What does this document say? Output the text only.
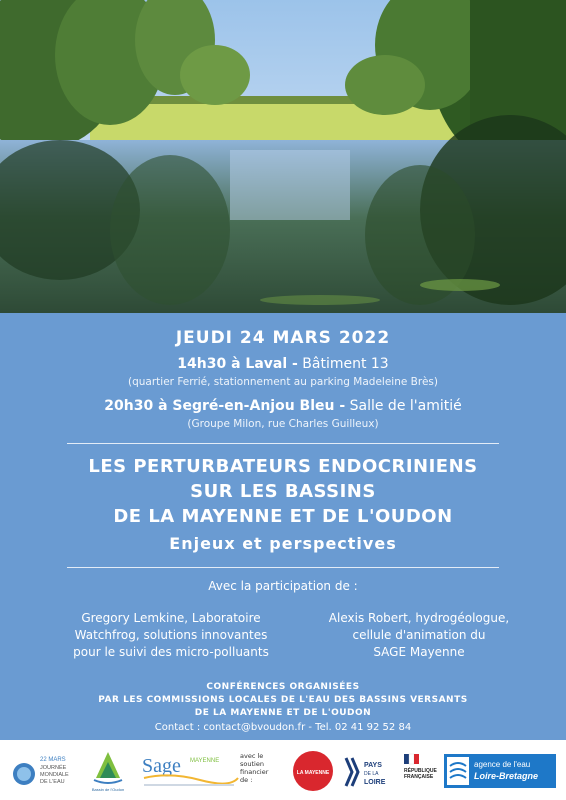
JEUDI 24 MARS 2022
14h30 à Laval - Bâtiment 13
(quartier Ferrié, stationnement au parking Madeleine Brès)
20h30 à Segré-en-Anjou Bleu - Salle de l'amitié
(Groupe Milon, rue Charles Guilleux)
LES PERTURBATEURS ENDOCRINIENS
SUR LES BASSINS
DE LA MAYENNE ET DE L'OUDON
Enjeux et perspectives
Avec la participation de :
Gregory Lemkine, Laboratoire
Watchfrog, solutions innovantes
pour le suivi des micro-polluants
Alexis Robert, hydrogéologue,
cellule d'animation du
SAGE Mayenne
CONFÉRENCES ORGANISÉES
PAR LES COMMISSIONS LOCALES DE L'EAU DES BASSINS VERSANTS
DE LA MAYENNE ET DE L'OUDON
Contact : contact@bvoudon.fr - Tel. 02 41 92 52 84
22 MARS
JOURNÉE
MONDIALE
DE L'EAU
Bassin de l'Oudon
Sage MAYENNE
avec le
soutien financier
de :
LA MAYENNE
PAYS
DE LA
LOIRE
RÉPUBLIQUE
FRANÇAISE
agence de l'eau
Loire-Bretagne
